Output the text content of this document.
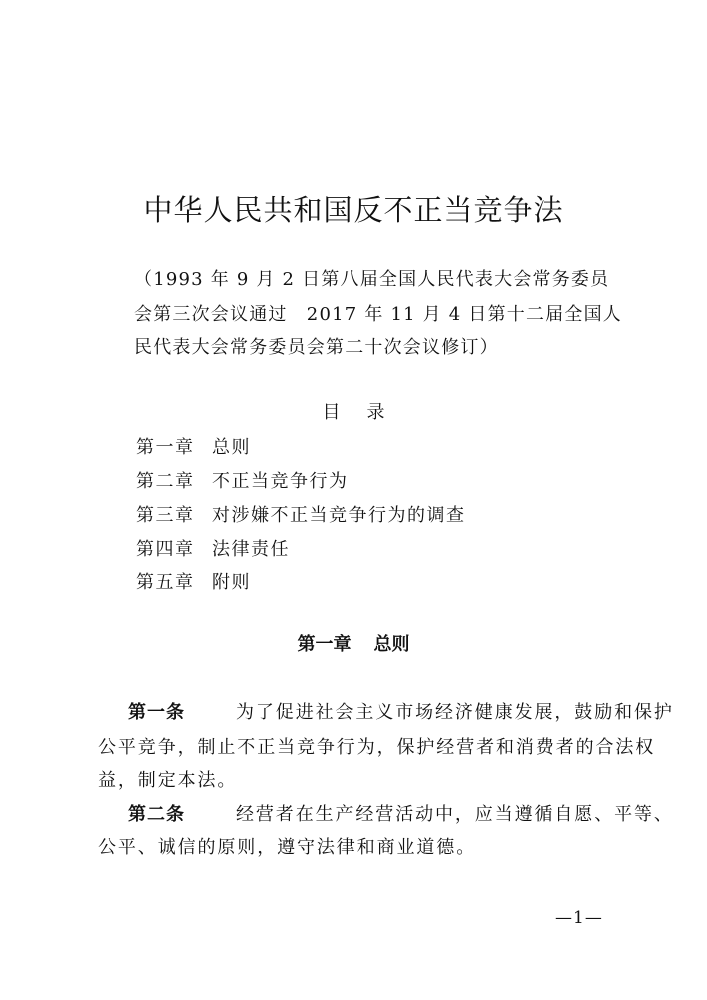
中华人民共和国反不正当竞争法
（1993 年 9 月 2 日第八届全国人民代表大会常务委员
会第三次会议通过　2017 年 11 月 4 日第十二届全国人
民代表大会常务委员会第二十次会议修订）
目录
第一章 总则
第二章 不正当竞争行为
第三章 对涉嫌不正当竞争行为的调查
第四章 法律责任
第五章 附则
第一章 总则
第一条	为了促进社会主义市场经济健康发展，鼓励和保护
公平竞争，制止不正当竞争行为，保护经营者和消费者的合法权
益，制定本法。
第二条	经营者在生产经营活动中，应当遵循自愿、平等、
公平、诚信的原则，遵守法律和商业道德。
—1—
